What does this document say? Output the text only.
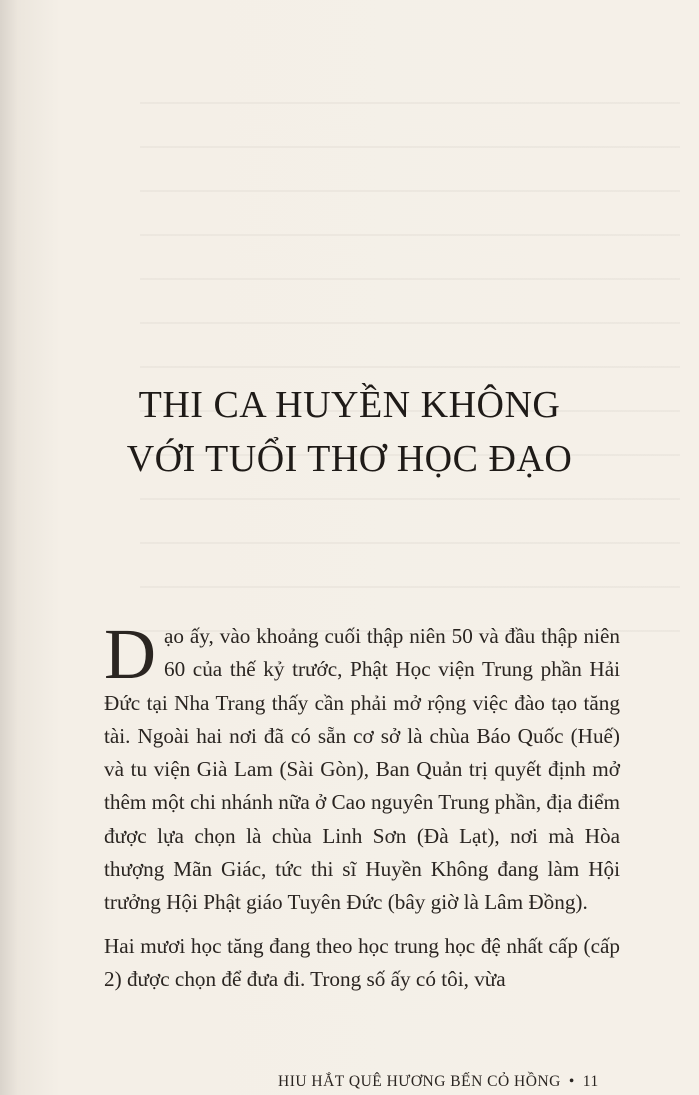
THI CA HUYỀN KHÔNG
VỚI TUỔI THƠ HỌC ĐẠO

Dạo ấy, vào khoảng cuối thập niên 50 và đầu thập niên 60 của thế kỷ trước, Phật Học viện Trung phần Hải Đức tại Nha Trang thấy cần phải mở rộng việc đào tạo tăng tài. Ngoài hai nơi đã có sẵn cơ sở là chùa Báo Quốc (Huế) và tu viện Già Lam (Sài Gòn), Ban Quản trị quyết định mở thêm một chi nhánh nữa ở Cao nguyên Trung phần, địa điểm được lựa chọn là chùa Linh Sơn (Đà Lạt), nơi mà Hòa thượng Mãn Giác, tức thi sĩ Huyền Không đang làm Hội trưởng Hội Phật giáo Tuyên Đức (bây giờ là Lâm Đồng).

Hai mươi học tăng đang theo học trung học đệ nhất cấp (cấp 2) được chọn để đưa đi. Trong số ấy có tôi, vừa

HIU HẮT QUÊ HƯƠNG BẾN CỎ HỒNG • 11
